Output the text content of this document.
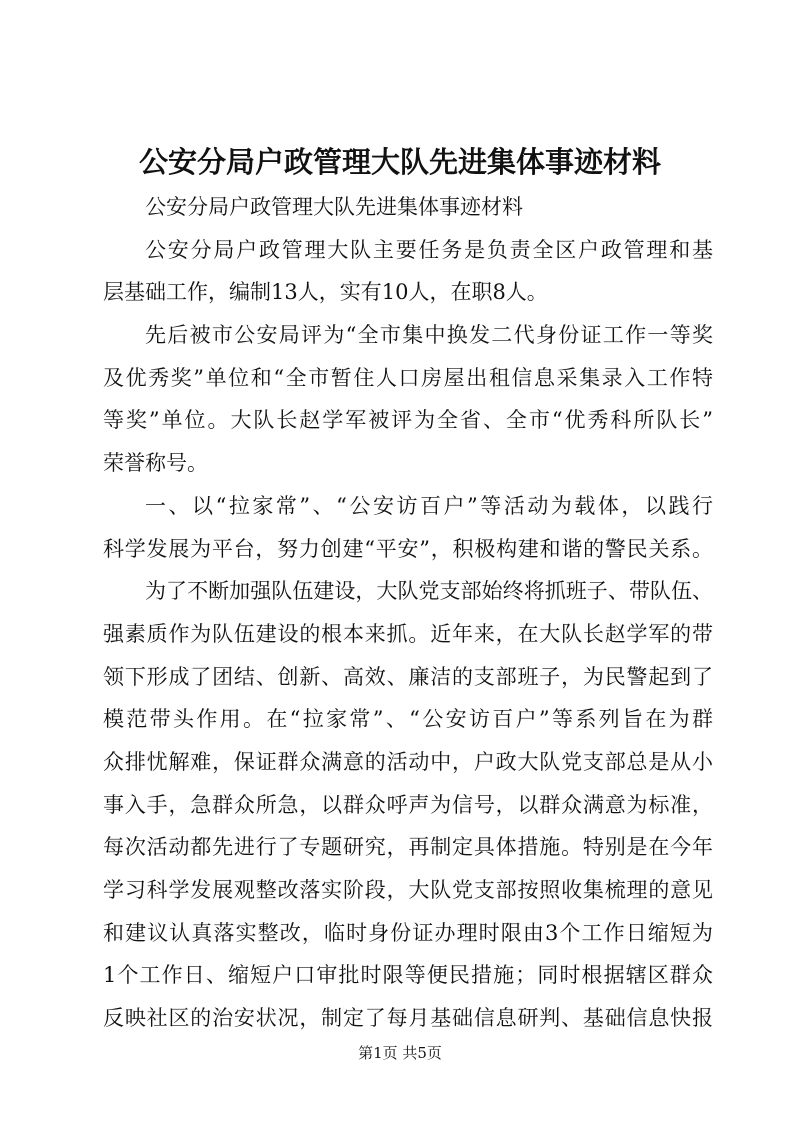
公安分局户政管理大队先进集体事迹材料
公安分局户政管理大队先进集体事迹材料
公安分局户政管理大队主要任务是负责全区户政管理和基
层基础工作，编制13人，实有10人，在职8人。
先后被市公安局评为“全市集中换发二代身份证工作一等奖
及优秀奖”单位和“全市暂住人口房屋出租信息采集录入工作特
等奖”单位。大队长赵学军被评为全省、全市“优秀科所队长”
荣誉称号。
一、以“拉家常”、“公安访百户”等活动为载体，以践行
科学发展为平台，努力创建“平安”，积极构建和谐的警民关系。
为了不断加强队伍建设，大队党支部始终将抓班子、带队伍、
强素质作为队伍建设的根本来抓。近年来，在大队长赵学军的带
领下形成了团结、创新、高效、廉洁的支部班子，为民警起到了
模范带头作用。在“拉家常”、“公安访百户”等系列旨在为群
众排忧解难，保证群众满意的活动中，户政大队党支部总是从小
事入手，急群众所急，以群众呼声为信号，以群众满意为标准，
每次活动都先进行了专题研究，再制定具体措施。特别是在今年
学习科学发展观整改落实阶段，大队党支部按照收集梳理的意见
和建议认真落实整改，临时身份证办理时限由3个工作日缩短为
1个工作日、缩短户口审批时限等便民措施；同时根据辖区群众
反映社区的治安状况，制定了每月基础信息研判、基础信息快报
第1页 共5页
